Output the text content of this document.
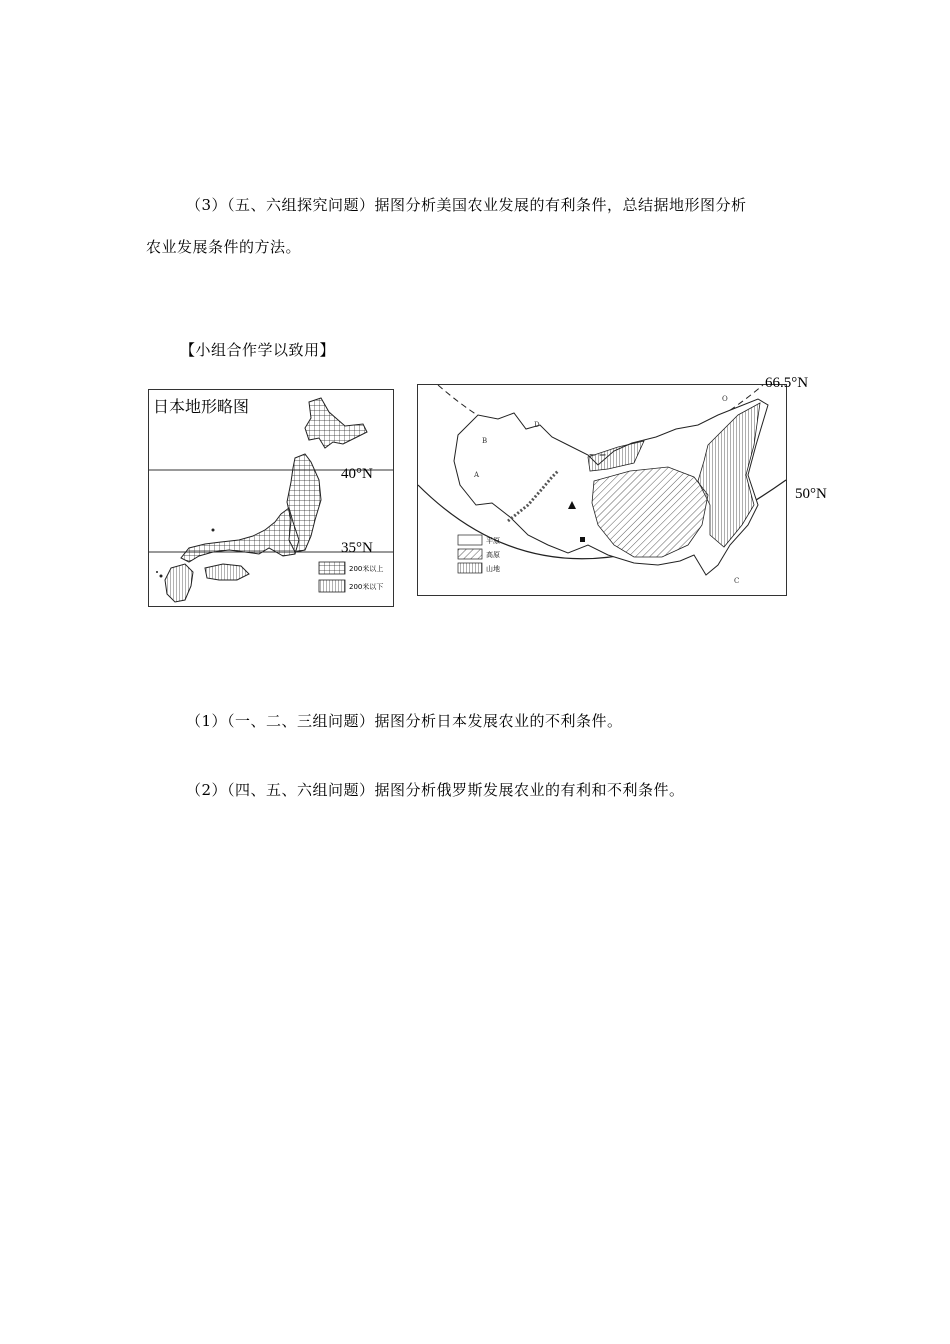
（3）（五、六组探究问题）据图分析美国农业发展的有利条件，总结据地形图分析
农业发展条件的方法。
【小组合作学以致用】
日本地形略图
200米以上
200米以下
40°N
35°N
A
B
D
O
C
平原
高原
山地
66.5°N
50°N
（1）（一、二、三组问题）据图分析日本发展农业的不利条件。
（2）（四、五、六组问题）据图分析俄罗斯发展农业的有利和不利条件。
